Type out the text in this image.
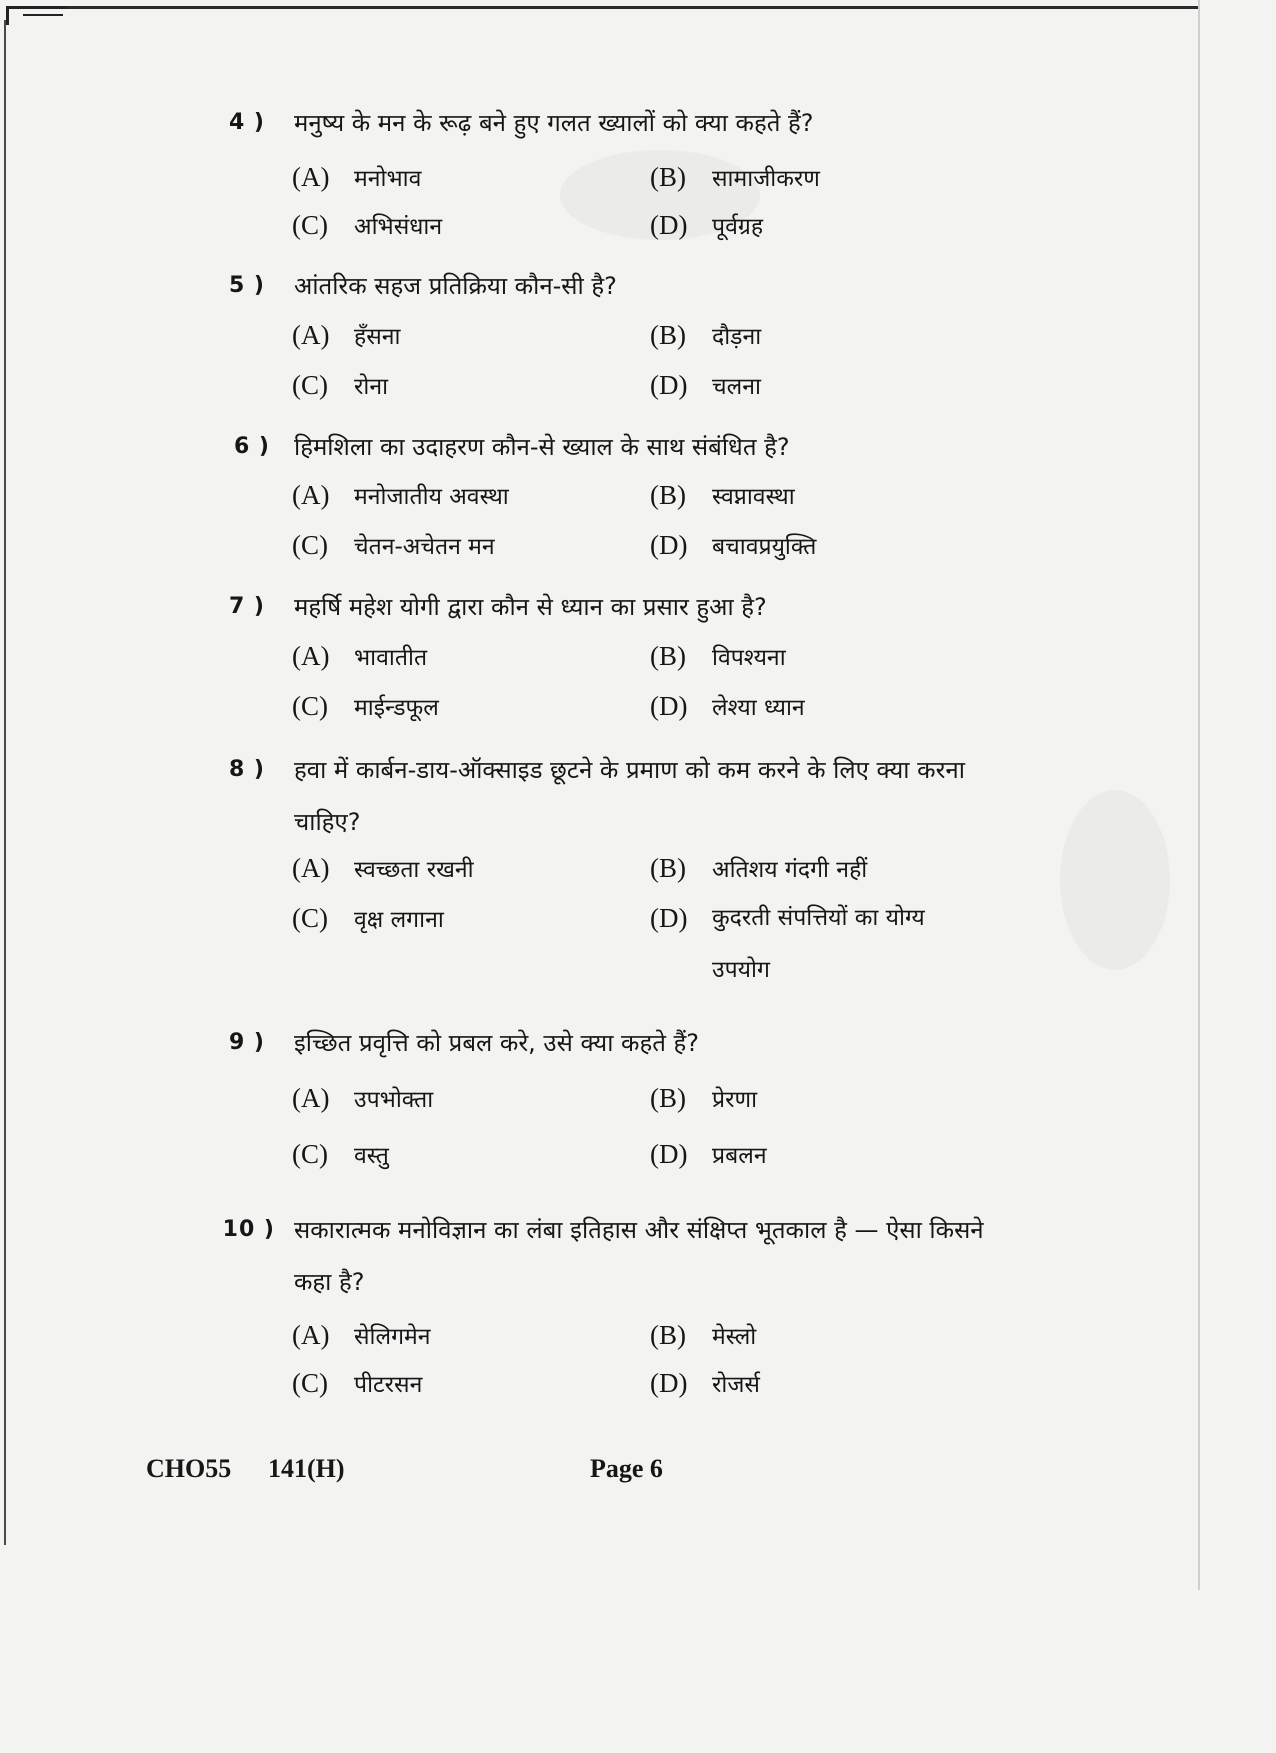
4 ) मनुष्य के मन के रूढ़ बने हुए गलत ख्यालों को क्या कहते हैं?
(A) मनोभाव	(B) सामाजीकरण
(C) अभिसंधान	(D) पूर्वग्रह
5 ) आंतरिक सहज प्रतिक्रिया कौन-सी है?
(A) हँसना	(B) दौड़ना
(C) रोना	(D) चलना
6 ) हिमशिला का उदाहरण कौन-से ख्याल के साथ संबंधित है?
(A) मनोजातीय अवस्था	(B) स्वप्नावस्था
(C) चेतन-अचेतन मन	(D) बचावप्रयुक्ति
7 ) महर्षि महेश योगी द्वारा कौन से ध्यान का प्रसार हुआ है?
(A) भावातीत	(B) विपश्यना
(C) माईन्डफूल	(D) लेश्या ध्यान
8 ) हवा में कार्बन-डाय-ऑक्साइड छूटने के प्रमाण को कम करने के लिए क्या करना चाहिए?
(A) स्वच्छता रखनी	(B) अतिशय गंदगी नहीं
(C) वृक्ष लगाना	(D) कुदरती संपत्तियों का योग्य उपयोग
9 ) इच्छित प्रवृत्ति को प्रबल करे, उसे क्या कहते हैं?
(A) उपभोक्ता	(B) प्रेरणा
(C) वस्तु	(D) प्रबलन
10 ) सकारात्मक मनोविज्ञान का लंबा इतिहास और संक्षिप्त भूतकाल है — ऐसा किसने कहा है?
(A) सेलिगमेन	(B) मेस्लो
(C) पीटरसन	(D) रोजर्स
CHO55 141(H)	Page 6
